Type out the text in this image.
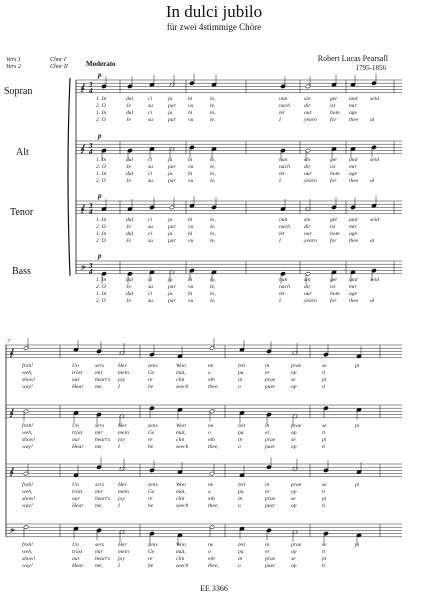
In dulci jubilo
für zwei 4stimmige Chöre
Robert Lucas Pearsall
1795-1856
Vers 1
Vers 2
Chor I
Chor II	Moderato
Sopran
Alt
Tenor
Bass
𝄞 3
4
p
1. In	dul	ci	ju	bi	lo,	nun	sin	get und seid
2. O	Je	su	par vu	le,	nach	dir	ist mir
1. In	dul	ci	ju	bi	lo,	let	our	hom age
2. O	Je	su	par vu	le,	I	yearn for thee al
𝄞 3
4
p
1. In	dul	ci	ju	bi	lo,	nun	sin	get und seid
2. O	Je	su	par vu	le,	nach	dir	ist mir
1. In	dul	ci	ju	bi	lo,	let	our	hom age
2. O	Je	su	par vu	le,	I	yearn for thee al
𝄞 3
4
p
1. In	dul	ci	ju	bi	lo,	nun	sin	get und seid
2. O	Je	su	par vu	le,	nach	dir	ist mir
1. In	dul	ci	ju	bi	lo,	let	our	hom age
2. O	Je	su	par vu	le,	I	yearn for thee al
𝄢 3
4
p
1. In	dul	ci	ju	bi	lo,	nun	sin	get und seid
2. O	Je	su	par vu	le,	nach	dir	ist mir
1. In	dul	ci	ju	bi	lo,	let	our	hom age
2. O	Je	su	par vu	le,	I	yearn for thee al
7
𝄞
froh!	Un	sers Her	zens	Won	ne	leit	in	prae	se	pi
weh,	tröst mir	mein	Ge	müt,	o	pu	er	op	ti
show!	our	heart's joy	re	clin	eth	in	prae	se	pi
way!	Hear me,	I	be	seech	thee,	o	puer	op	ti
𝄞
froh!	Un	sers Her	zens	Won	ne	leit	in	prae	se	pi
weh,	tröst mir	mein	Ge	müt,	o	pu	er	op	ti
show!	our	heart's joy	re	clin	eth	in	prae	se	pi
way!	Hear me,	I	be	seech	thee,	o	puer	op	ti
𝄞
froh!	Un	sers Her	zens	Won	ne	leit	in	prae	se	pi
weh,	tröst mir	mein	Ge	müt,	o	pu	er	op	ti
show!	our	heart's joy	re	clin	eth	in	prae	se	pi
way!	Hear me,	I	be	seech	thee,	o	puer	op	ti
𝄢
froh!	Un	sers Her	zens	Won	ne	leit	in	prae	se	pi
weh,	tröst mir	mein	Ge	müt,	o	pu	er	op	ti
show!	our	heart's joy	re	clin	eth	in	prae	se	pi
way!	Hear me,	I	be	seech	thee,	o	puer	op	ti
EE 3366
